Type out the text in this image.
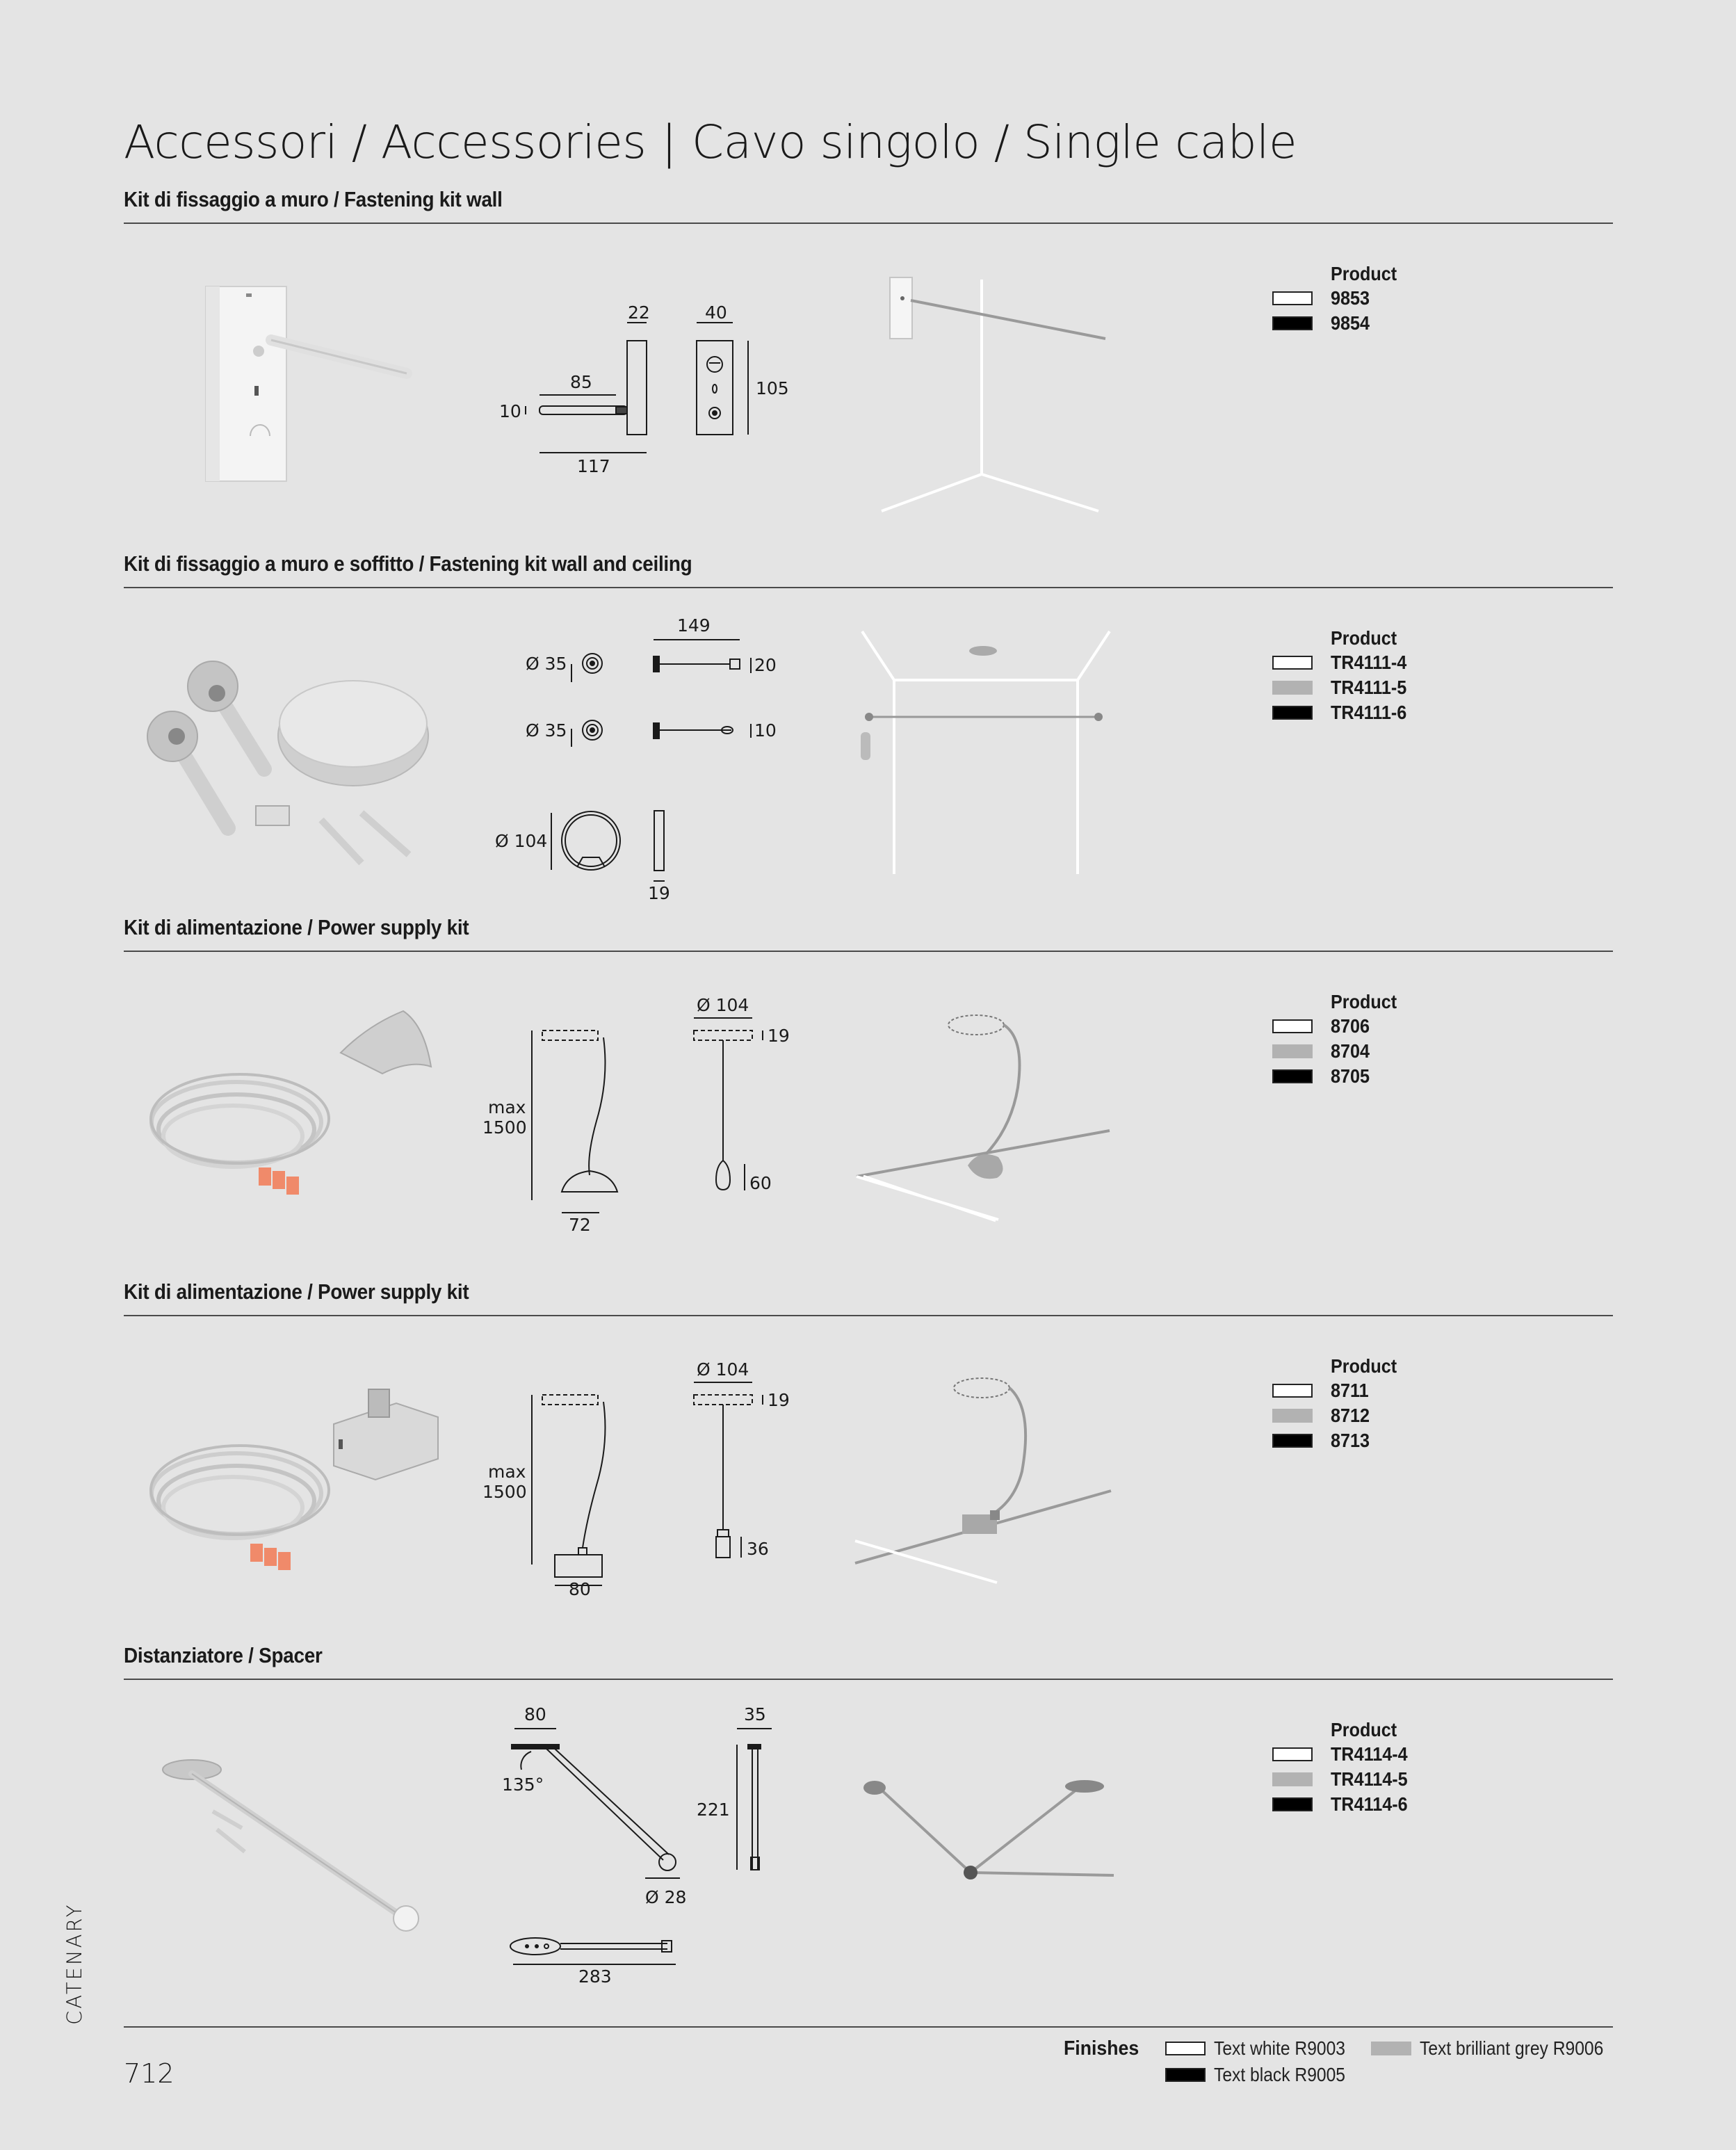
Accessori / Accessories | Cavo singolo / Single cable
Kit di fissaggio a muro / Fastening kit wall
22	40
85
10
105
117
Product
9853
9854
Kit di fissaggio a muro e soffitto / Fastening kit wall and ceiling
149
Ø 35	20
Ø 35	10
Ø 104
19
Product
TR4111-4
TR4111-5
TR4111-6
Kit di alimentazione / Power supply kit
max
1500
72
Ø 104
19
60
Product
8706
8704
8705
Kit di alimentazione / Power supply kit
max
1500
80
Ø 104
19
36
Product
8711
8712
8713
Distanziatore / Spacer
80
135°
Ø 28
283
35
221
Product
TR4114-4
TR4114-5
TR4114-6

CATENARY

712

Finishes	Text white R9003	Text brilliant grey R9006
Text black R9005
